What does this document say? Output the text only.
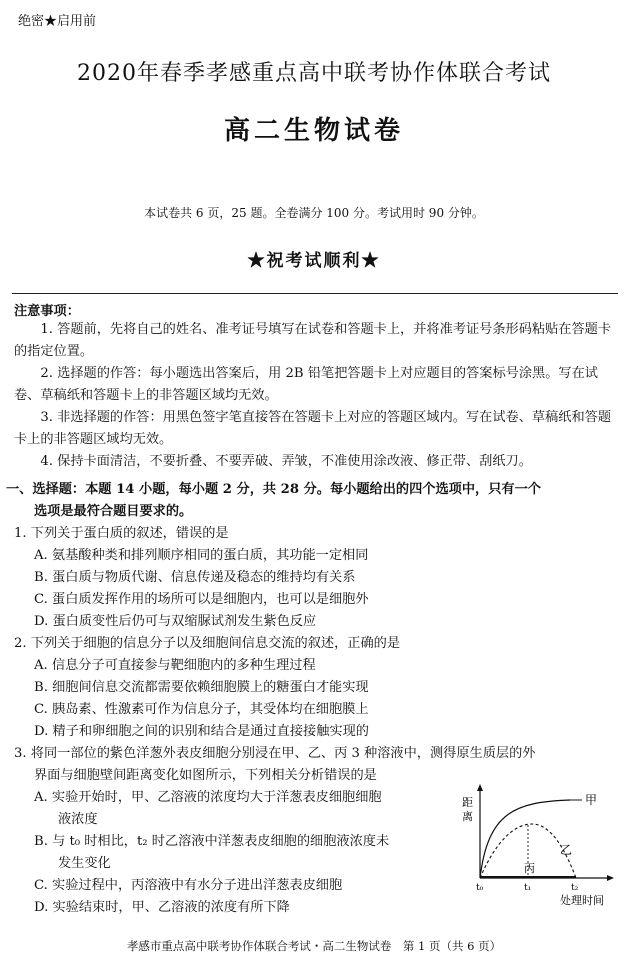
绝密★启用前
2020年春季孝感重点高中联考协作体联合考试
高二生物试卷
本试卷共 6 页，25 题。全卷满分 100 分。考试用时 90 分钟。
★祝考试顺利★
注意事项：
1. 答题前，先将自己的姓名、准考证号填写在试卷和答题卡上，并将准考证号条形码粘贴在答题卡的指定位置。
2. 选择题的作答：每小题选出答案后，用 2B 铅笔把答题卡上对应题目的答案标号涂黑。写在试卷、草稿纸和答题卡上的非答题区域均无效。
3. 非选择题的作答：用黑色签字笔直接答在答题卡上对应的答题区域内。写在试卷、草稿纸和答题卡上的非答题区域均无效。
4. 保持卡面清洁，不要折叠、不要弄破、弄皱，不准使用涂改液、修正带、刮纸刀。
一、选择题：本题 14 小题，每小题 2 分，共 28 分。每小题给出的四个选项中，只有一个
选项是最符合题目要求的。
1. 下列关于蛋白质的叙述，错误的是
A. 氨基酸种类和排列顺序相同的蛋白质，其功能一定相同
B. 蛋白质与物质代谢、信息传递及稳态的维持均有关系
C. 蛋白质发挥作用的场所可以是细胞内，也可以是细胞外
D. 蛋白质变性后仍可与双缩脲试剂发生紫色反应
2. 下列关于细胞的信息分子以及细胞间信息交流的叙述，正确的是
A. 信息分子可直接参与靶细胞内的多种生理过程
B. 细胞间信息交流都需要依赖细胞膜上的糖蛋白才能实现
C. 胰岛素、性激素可作为信息分子，其受体均在细胞膜上
D. 精子和卵细胞之间的识别和结合是通过直接接触实现的
3. 将同一部位的紫色洋葱外表皮细胞分别浸在甲、乙、丙 3 种溶液中，测得原生质层的外
界面与细胞壁间距离变化如图所示，下列相关分析错误的是
A. 实验开始时，甲、乙溶液的浓度均大于洋葱表皮细胞细胞
液浓度
B. 与 t₀ 时相比，t₂ 时乙溶液中洋葱表皮细胞的细胞液浓度未
发生变化
C. 实验过程中，丙溶液中有水分子进出洋葱表皮细胞
D. 实验结束时，甲、乙溶液的浓度有所下降
距
离
甲
乙
丙
t₀	t₁	t₂
处理时间
孝感市重点高中联考协作体联合考试・高二生物试卷　第 1 页（共 6 页）
